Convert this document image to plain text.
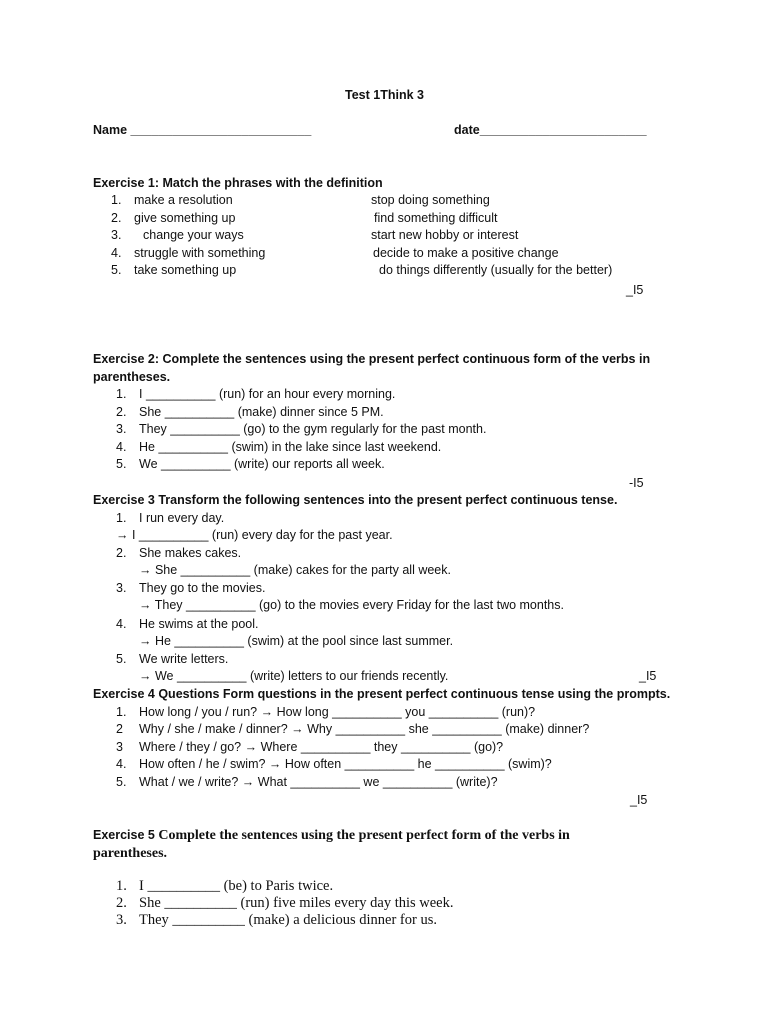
Test 1Think 3
Name __________________________	date________________________
Exercise 1: Match the phrases with the definition
1. make a resolution	stop doing something
2. give something up	find something difficult
3. change your ways	start new hobby or interest
4. struggle with something	decide to make a positive change
5. take something up	do things differently (usually for the better)
_I5
Exercise 2: Complete the sentences using the present perfect continuous form of the verbs in
parentheses.
1. I __________ (run) for an hour every morning.
2. She __________ (make) dinner since 5 PM.
3. They __________ (go) to the gym regularly for the past month.
4. He __________ (swim) in the lake since last weekend.
5. We __________ (write) our reports all week.
-I5
Exercise 3 Transform the following sentences into the present perfect continuous tense.
1. I run every day.
→ I __________ (run) every day for the past year.
2. She makes cakes.
→ She __________ (make) cakes for the party all week.
3. They go to the movies.
→ They __________ (go) to the movies every Friday for the last two months.
4. He swims at the pool.
→ He __________ (swim) at the pool since last summer.
5. We write letters.
→ We __________ (write) letters to our friends recently.	_I5
Exercise 4 Questions Form questions in the present perfect continuous tense using the prompts.
1. How long / you / run? → How long __________ you __________ (run)?
2 Why / she / make / dinner? → Why __________ she __________ (make) dinner?
3 Where / they / go? → Where __________ they __________ (go)?
4. How often / he / swim? → How often __________ he __________ (swim)?
5. What / we / write? → What __________ we __________ (write)?
_I5
Exercise 5 Complete the sentences using the present perfect form of the verbs in
parentheses.
1. I __________ (be) to Paris twice.
2. She __________ (run) five miles every day this week.
3. They __________ (make) a delicious dinner for us.
